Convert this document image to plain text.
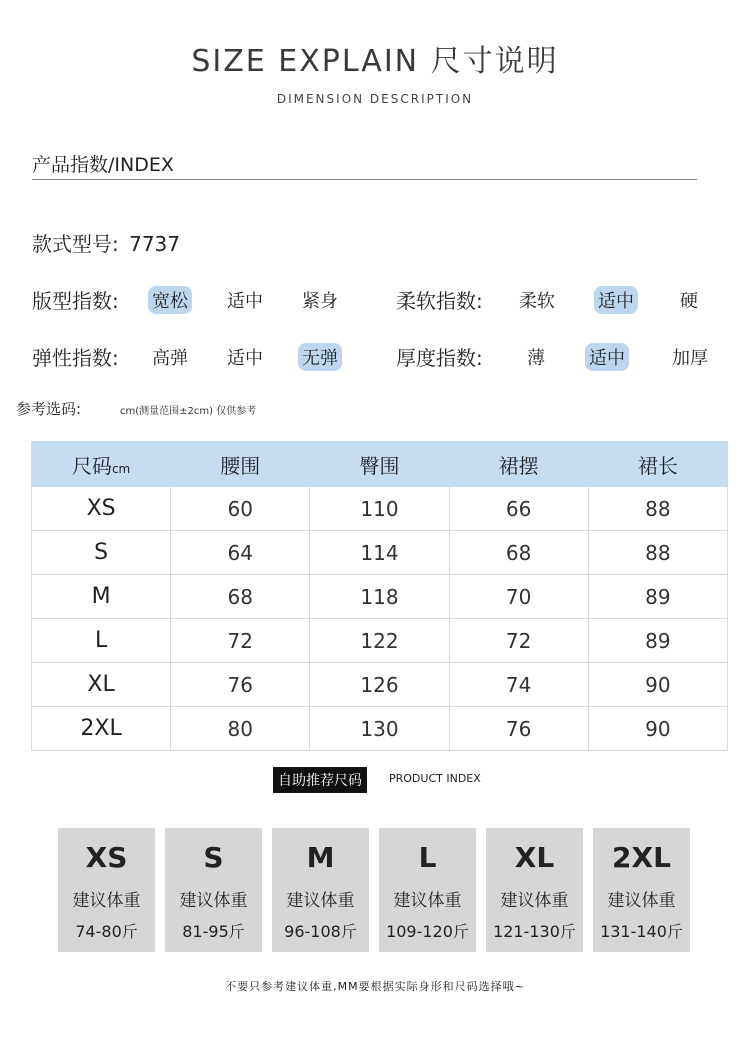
SIZE EXPLAIN 尺寸说明
DIMENSION DESCRIPTION
产品指数/INDEX
款式型号: 7737
版型指数: 宽松 适中 紧身	柔软指数: 柔软 适中	硬
弹性指数: 高弹 适中 无弹	厚度指数: 薄 适中	加厚
参考选码:	cm(测量范围±2cm) 仅供参考
尺码cm	腰围	臀围	裙摆	裙长
XS	60	110	66	88
S	64	114	68	88
M	68	118	70	89
L	72	122	72	89
XL	76	126	74	90
2XL	80	130	76	90
自助推荐尺码	PRODUCT INDEX
XS
建议体重
74-80斤
S
建议体重
81-95斤
M
建议体重
96-108斤
L
建议体重
109-120斤
XL
建议体重
121-130斤
2XL
建议体重
131-140斤
不要只参考建议体重,MM要根据实际身形和尺码选择哦~
